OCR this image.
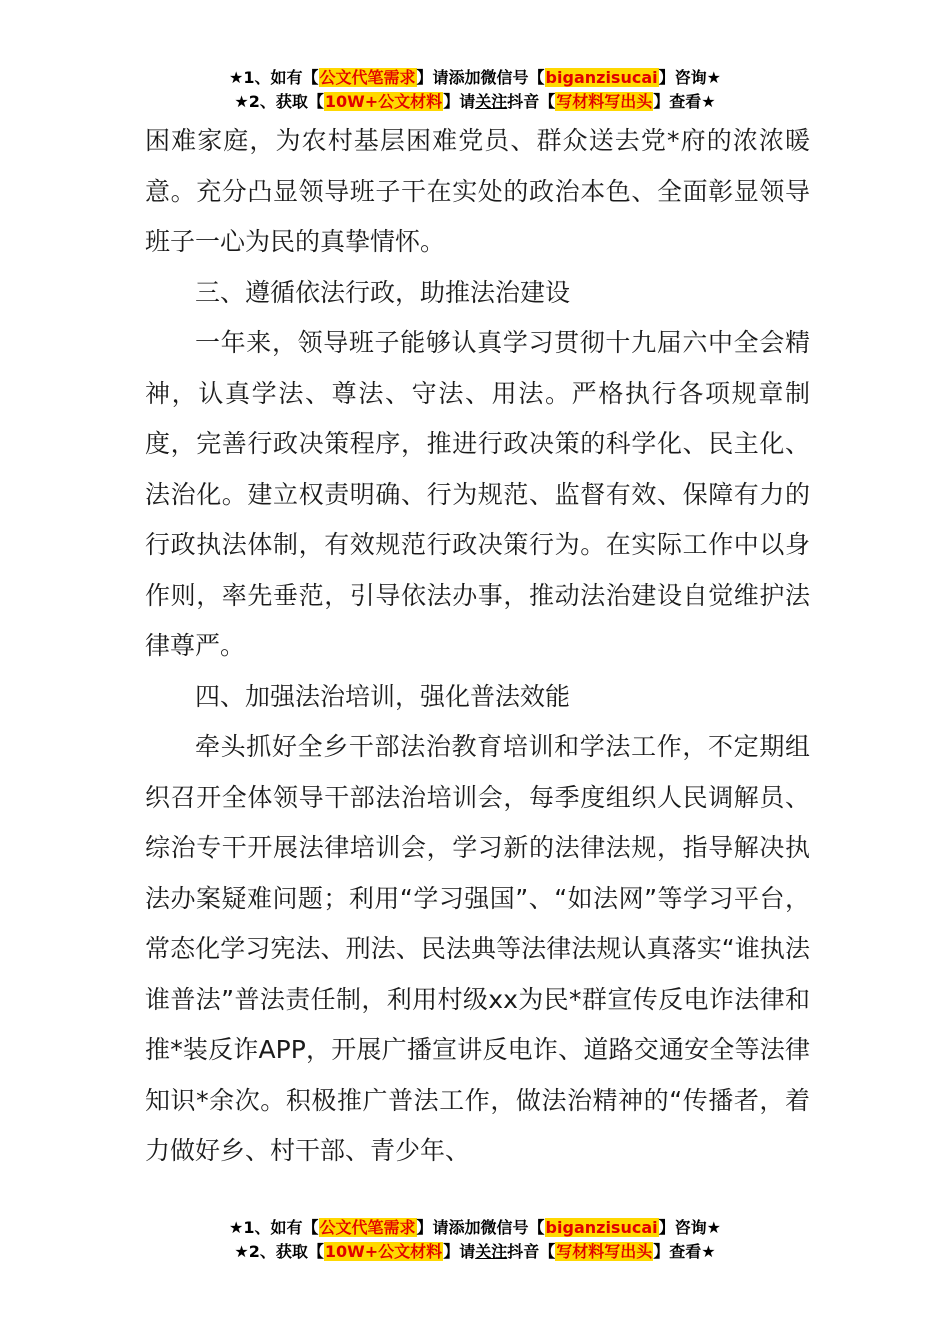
★1、如有【公文代笔需求】请添加微信号【biganzisucai】咨询★
★2、获取【10W+公文材料】请关注抖音【写材料写出头】查看★

困难家庭，为农村基层困难党员、群众送去党*府的浓浓暖意。充分凸显领导班子干在实处的政治本色、全面彰显领导班子一心为民的真挚情怀。

三、遵循依法行政，助推法治建设

一年来，领导班子能够认真学习贯彻十九届六中全会精神，认真学法、尊法、守法、用法。严格执行各项规章制度，完善行政决策程序，推进行政决策的科学化、民主化、法治化。建立权责明确、行为规范、监督有效、保障有力的行政执法体制，有效规范行政决策行为。在实际工作中以身作则，率先垂范，引导依法办事，推动法治建设自觉维护法律尊严。

四、加强法治培训，强化普法效能

牵头抓好全乡干部法治教育培训和学法工作，不定期组织召开全体领导干部法治培训会，每季度组织人民调解员、综治专干开展法律培训会，学习新的法律法规，指导解决执法办案疑难问题；利用“学习强国”、“如法网”等学习平台，常态化学习宪法、刑法、民法典等法律法规认真落实“谁执法谁普法”普法责任制，利用村级xx为民*群宣传反电诈法律和推*装反诈APP，开展广播宣讲反电诈、道路交通安全等法律知识*余次。积极推广普法工作，做法治精神的“传播者，着力做好乡、村干部、青少年、

★1、如有【公文代笔需求】请添加微信号【biganzisucai】咨询★
★2、获取【10W+公文材料】请关注抖音【写材料写出头】查看★
